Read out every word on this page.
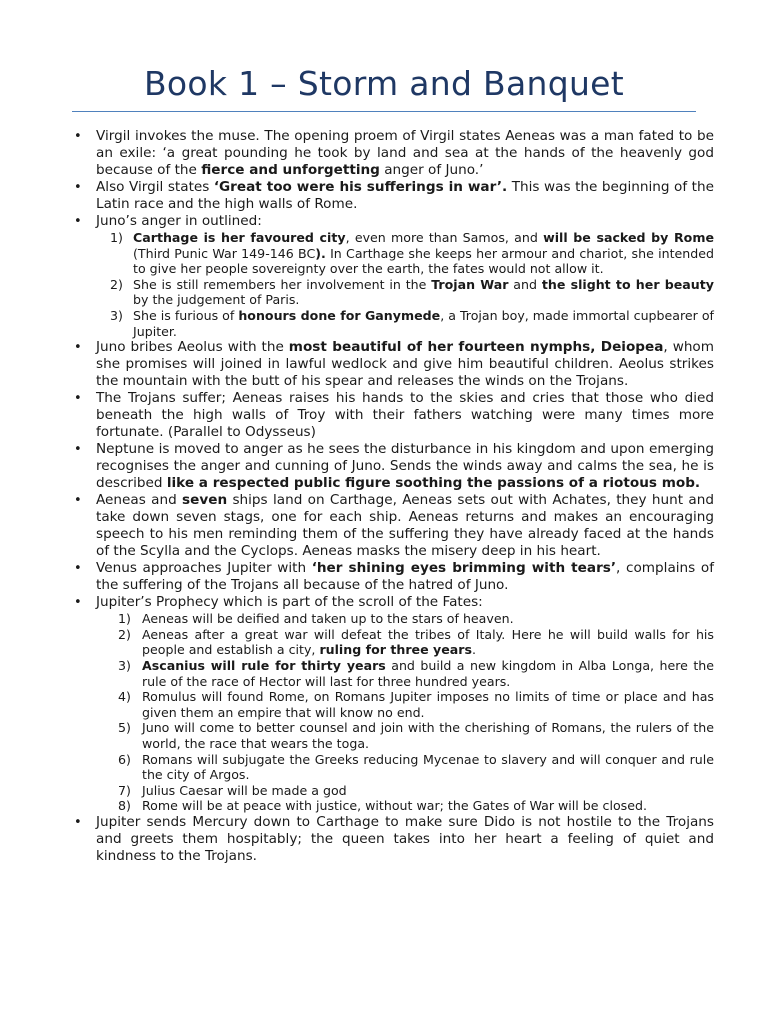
Book 1 – Storm and Banquet
• Virgil invokes the muse. The opening proem of Virgil states Aeneas was a man fated to be an exile: ‘a great pounding he took by land and sea at the hands of the heavenly god because of the fierce and unforgetting anger of Juno.’
• Also Virgil states ‘Great too were his sufferings in war’. This was the beginning of the Latin race and the high walls of Rome.
• Juno’s anger in outlined:
1) Carthage is her favoured city, even more than Samos, and will be sacked by Rome (Third Punic War 149-146 BC). In Carthage she keeps her armour and chariot, she intended to give her people sovereignty over the earth, the fates would not allow it.
2) She is still remembers her involvement in the Trojan War and the slight to her beauty by the judgement of Paris.
3) She is furious of honours done for Ganymede, a Trojan boy, made immortal cupbearer of Jupiter.
• Juno bribes Aeolus with the most beautiful of her fourteen nymphs, Deiopea, whom she promises will joined in lawful wedlock and give him beautiful children. Aeolus strikes the mountain with the butt of his spear and releases the winds on the Trojans.
• The Trojans suffer; Aeneas raises his hands to the skies and cries that those who died beneath the high walls of Troy with their fathers watching were many times more fortunate. (Parallel to Odysseus)
• Neptune is moved to anger as he sees the disturbance in his kingdom and upon emerging recognises the anger and cunning of Juno. Sends the winds away and calms the sea, he is described like a respected public figure soothing the passions of a riotous mob.
• Aeneas and seven ships land on Carthage, Aeneas sets out with Achates, they hunt and take down seven stags, one for each ship. Aeneas returns and makes an encouraging speech to his men reminding them of the suffering they have already faced at the hands of the Scylla and the Cyclops. Aeneas masks the misery deep in his heart.
• Venus approaches Jupiter with ‘her shining eyes brimming with tears’, complains of the suffering of the Trojans all because of the hatred of Juno.
• Jupiter’s Prophecy which is part of the scroll of the Fates:
1) Aeneas will be deified and taken up to the stars of heaven.
2) Aeneas after a great war will defeat the tribes of Italy. Here he will build walls for his people and establish a city, ruling for three years.
3) Ascanius will rule for thirty years and build a new kingdom in Alba Longa, here the rule of the race of Hector will last for three hundred years.
4) Romulus will found Rome, on Romans Jupiter imposes no limits of time or place and has given them an empire that will know no end.
5) Juno will come to better counsel and join with the cherishing of Romans, the rulers of the world, the race that wears the toga.
6) Romans will subjugate the Greeks reducing Mycenae to slavery and will conquer and rule the city of Argos.
7) Julius Caesar will be made a god
8) Rome will be at peace with justice, without war; the Gates of War will be closed.
• Jupiter sends Mercury down to Carthage to make sure Dido is not hostile to the Trojans and greets them hospitably; the queen takes into her heart a feeling of quiet and kindness to the Trojans.
